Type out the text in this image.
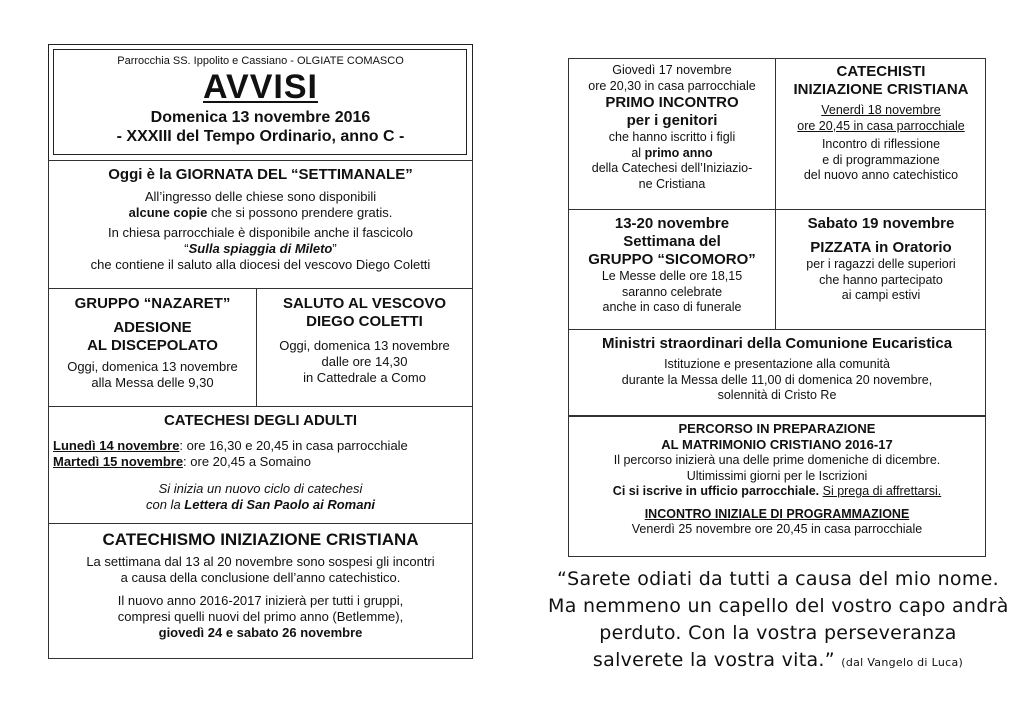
Parrocchia SS. Ippolito e Cassiano - OLGIATE COMASCO
AVVISI
Domenica 13 novembre 2016
- XXXIII del Tempo Ordinario, anno C -
Oggi è la GIORNATA DEL “SETTIMANALE”
All’ingresso delle chiese sono disponibili
alcune copie che si possono prendere gratis.
In chiesa parrocchiale è disponibile anche il fascicolo
“Sulla spiaggia di Mileto”
che contiene il saluto alla diocesi del vescovo Diego Coletti
GRUPPO “NAZARET”
ADESIONE
AL DISCEPOLATO
Oggi, domenica 13 novembre
alla Messa delle 9,30
SALUTO AL VESCOVO
DIEGO COLETTI
Oggi, domenica 13 novembre
dalle ore 14,30
in Cattedrale a Como
CATECHESI DEGLI ADULTI
Lunedì 14 novembre: ore 16,30 e 20,45 in casa parrocchiale
Martedì 15 novembre: ore 20,45 a Somaino
Si inizia un nuovo ciclo di catechesi
con la Lettera di San Paolo ai Romani
CATECHISMO INIZIAZIONE CRISTIANA
La settimana dal 13 al 20 novembre sono sospesi gli incontri
a causa della conclusione dell’anno catechistico.
Il nuovo anno 2016-2017 inizierà per tutti i gruppi,
compresi quelli nuovi del primo anno (Betlemme),
giovedì 24 e sabato 26 novembre
Giovedì 17 novembre
ore 20,30 in casa parrocchiale
PRIMO INCONTRO
per i genitori
che hanno iscritto i figli
al primo anno
della Catechesi dell’Iniziazio-
ne Cristiana
CATECHISTI
INIZIAZIONE CRISTIANA
Venerdì 18 novembre
ore 20,45 in casa parrocchiale
Incontro di riflessione
e di programmazione
del nuovo anno catechistico
13-20 novembre
Settimana del
GRUPPO “SICOMORO”
Le Messe delle ore 18,15
saranno celebrate
anche in caso di funerale
Sabato 19 novembre
PIZZATA in Oratorio
per i ragazzi delle superiori
che hanno partecipato
ai campi estivi
Ministri straordinari della Comunione Eucaristica
Istituzione e presentazione alla comunità
durante la Messa delle 11,00 di domenica 20 novembre,
solennità di Cristo Re
PERCORSO IN PREPARAZIONE
AL MATRIMONIO CRISTIANO 2016-17
Il percorso inizierà una delle prime domeniche di dicembre.
Ultimissimi giorni per le Iscrizioni
Ci si iscrive in ufficio parrocchiale. Si prega di affrettarsi.
INCONTRO INIZIALE DI PROGRAMMAZIONE
Venerdì 25 novembre ore 20,45 in casa parrocchiale
“Sarete odiati da tutti a causa del mio nome.
Ma nemmeno un capello del vostro capo andrà
perduto. Con la vostra perseveranza
salverete la vostra vita.” (dal Vangelo di Luca)
